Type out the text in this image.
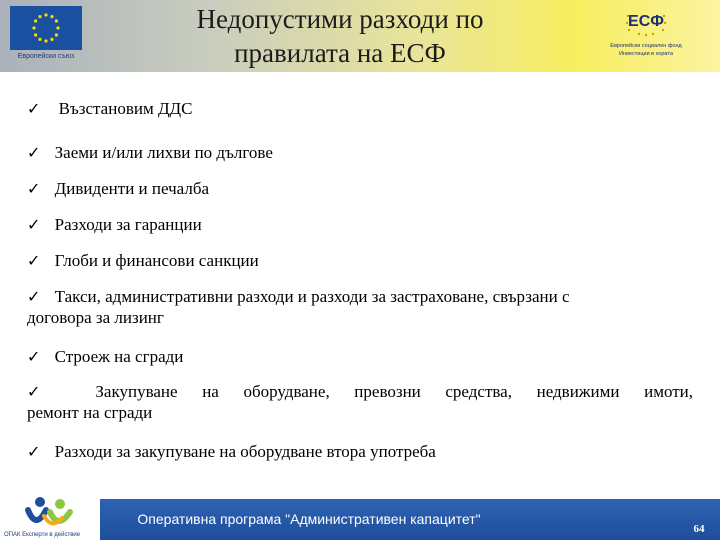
Европейски съюз
Недопустими разходи по
правилата на ЕСФ
ЕСФ
Европейски социален фонд
Инвестиции в хората
✓ Възстановим ДДС
✓ Заеми и/или лихви по дългове
✓ Дивиденти и печалба
✓ Разходи за гаранции
✓ Глоби и финансови санкции
✓ Такси, административни разходи и разходи за застраховане, свързани с
договора за лизинг
✓ Строеж на сгради
✓ Закупуване на оборудване, превозни средства, недвижими имоти,
ремонт на сгради
✓ Разходи за закупуване на оборудване втора употреба
Оперативна програма "Административен капацитет"
ОПАК Експерти в действие	64
